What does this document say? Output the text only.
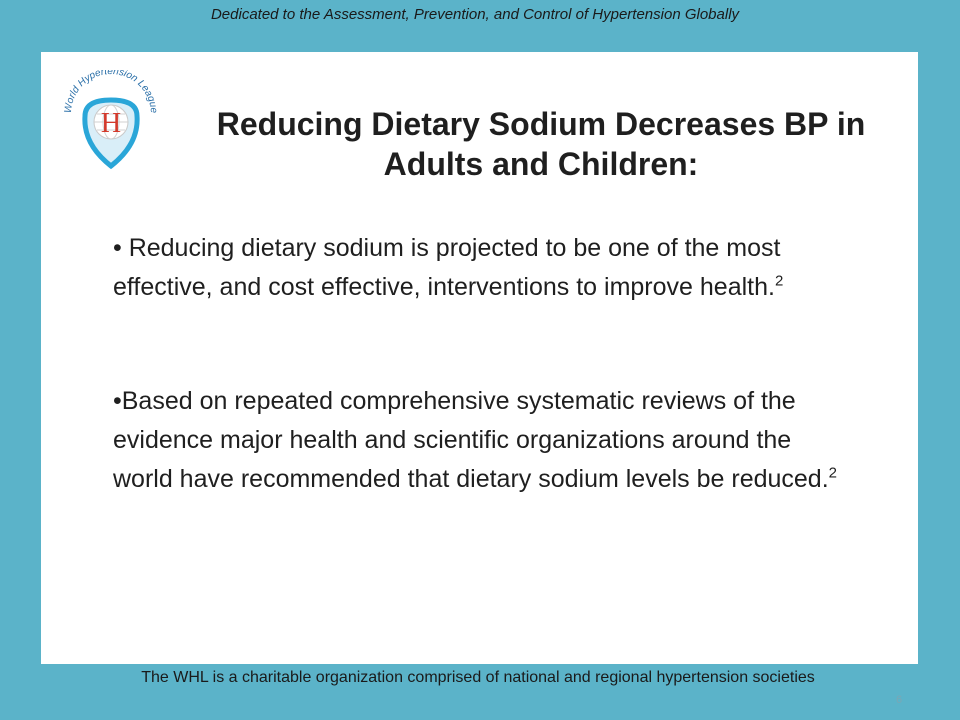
Dedicated to the Assessment, Prevention, and Control of Hypertension Globally
World Hypertension League
H	Reducing Dietary Sodium Decreases BP in Adults and Children:
• Reducing dietary sodium is projected to be one of the most effective, and cost effective, interventions to improve health.$^2$
•Based on repeated comprehensive systematic reviews of the evidence major health and scientific organizations around the world have recommended that dietary sodium levels be reduced.$^2$
The WHL is a charitable organization comprised of national and regional hypertension societies
6
